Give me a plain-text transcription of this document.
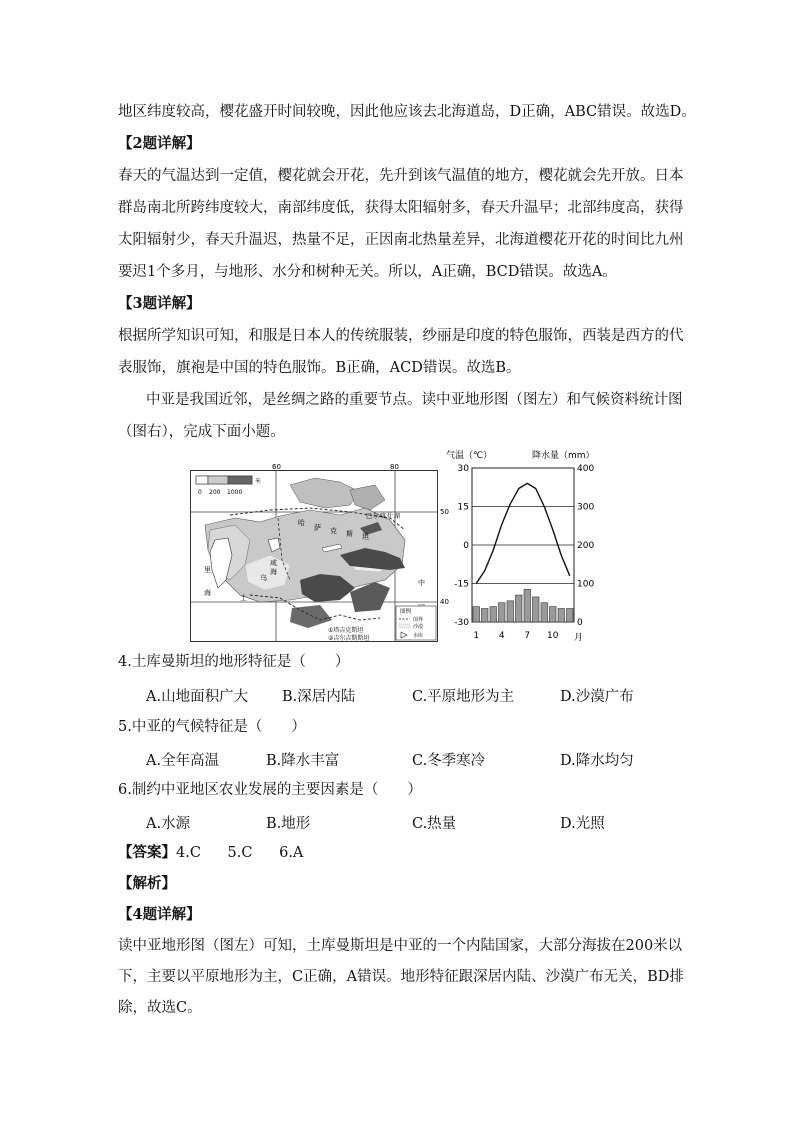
地区纬度较高，樱花盛开时间较晚，因此他应该去北海道岛，D正确，ABC错误。故选D。
【2题详解】
春天的气温达到一定值，樱花就会开花，先升到该气温值的地方，樱花就会先开放。日本
群岛南北所跨纬度较大，南部纬度低，获得太阳辐射多，春天升温早；北部纬度高，获得
太阳辐射少，春天升温迟，热量不足，正因南北热量差异，北海道樱花开花的时间比九州
要迟1个多月，与地形、水分和树种无关。所以，A正确，BCD错误。故选A。
【3题详解】
根据所学知识可知，和服是日本人的传统服装，纱丽是印度的特色服饰，西装是西方的代
表服饰，旗袍是中国的特色服饰。B正确，ACD错误。故选B。
中亚是我国近邻，是丝绸之路的重要节点。读中亚地形图（图左）和气候资料统计图
（图右），完成下面小题。
0 200 1000
米
60	80
50
40
里
海
咸
海
哈
萨 克 斯 坦
土
乌
中
巴 尔 喀 什 湖
图例
国界
沙漠
水库
①塔吉克斯坦
②吉尔吉斯斯坦
气温（℃）	降水量（mm）
30
15
0
-15
-30
400
300
200
100
0
1 4 7 10 月
4.土库曼斯坦的地形特征是（　　）
A.山地面积广大 B.深居内陆	C.平原地形为主	D.沙漠广布
5.中亚的气候特征是（　　）
A.全年高温	B.降水丰富	C.冬季寒冷	D.降水均匀
6.制约中亚地区农业发展的主要因素是（　　）
A.水源	B.地形	C.热量	D.光照
【答案】4.C 5.C 6.A
【解析】
【4题详解】
读中亚地形图（图左）可知，土库曼斯坦是中亚的一个内陆国家，大部分海拔在200米以
下，主要以平原地形为主，C正确，A错误。地形特征跟深居内陆、沙漠广布无关，BD排
除，故选C。
